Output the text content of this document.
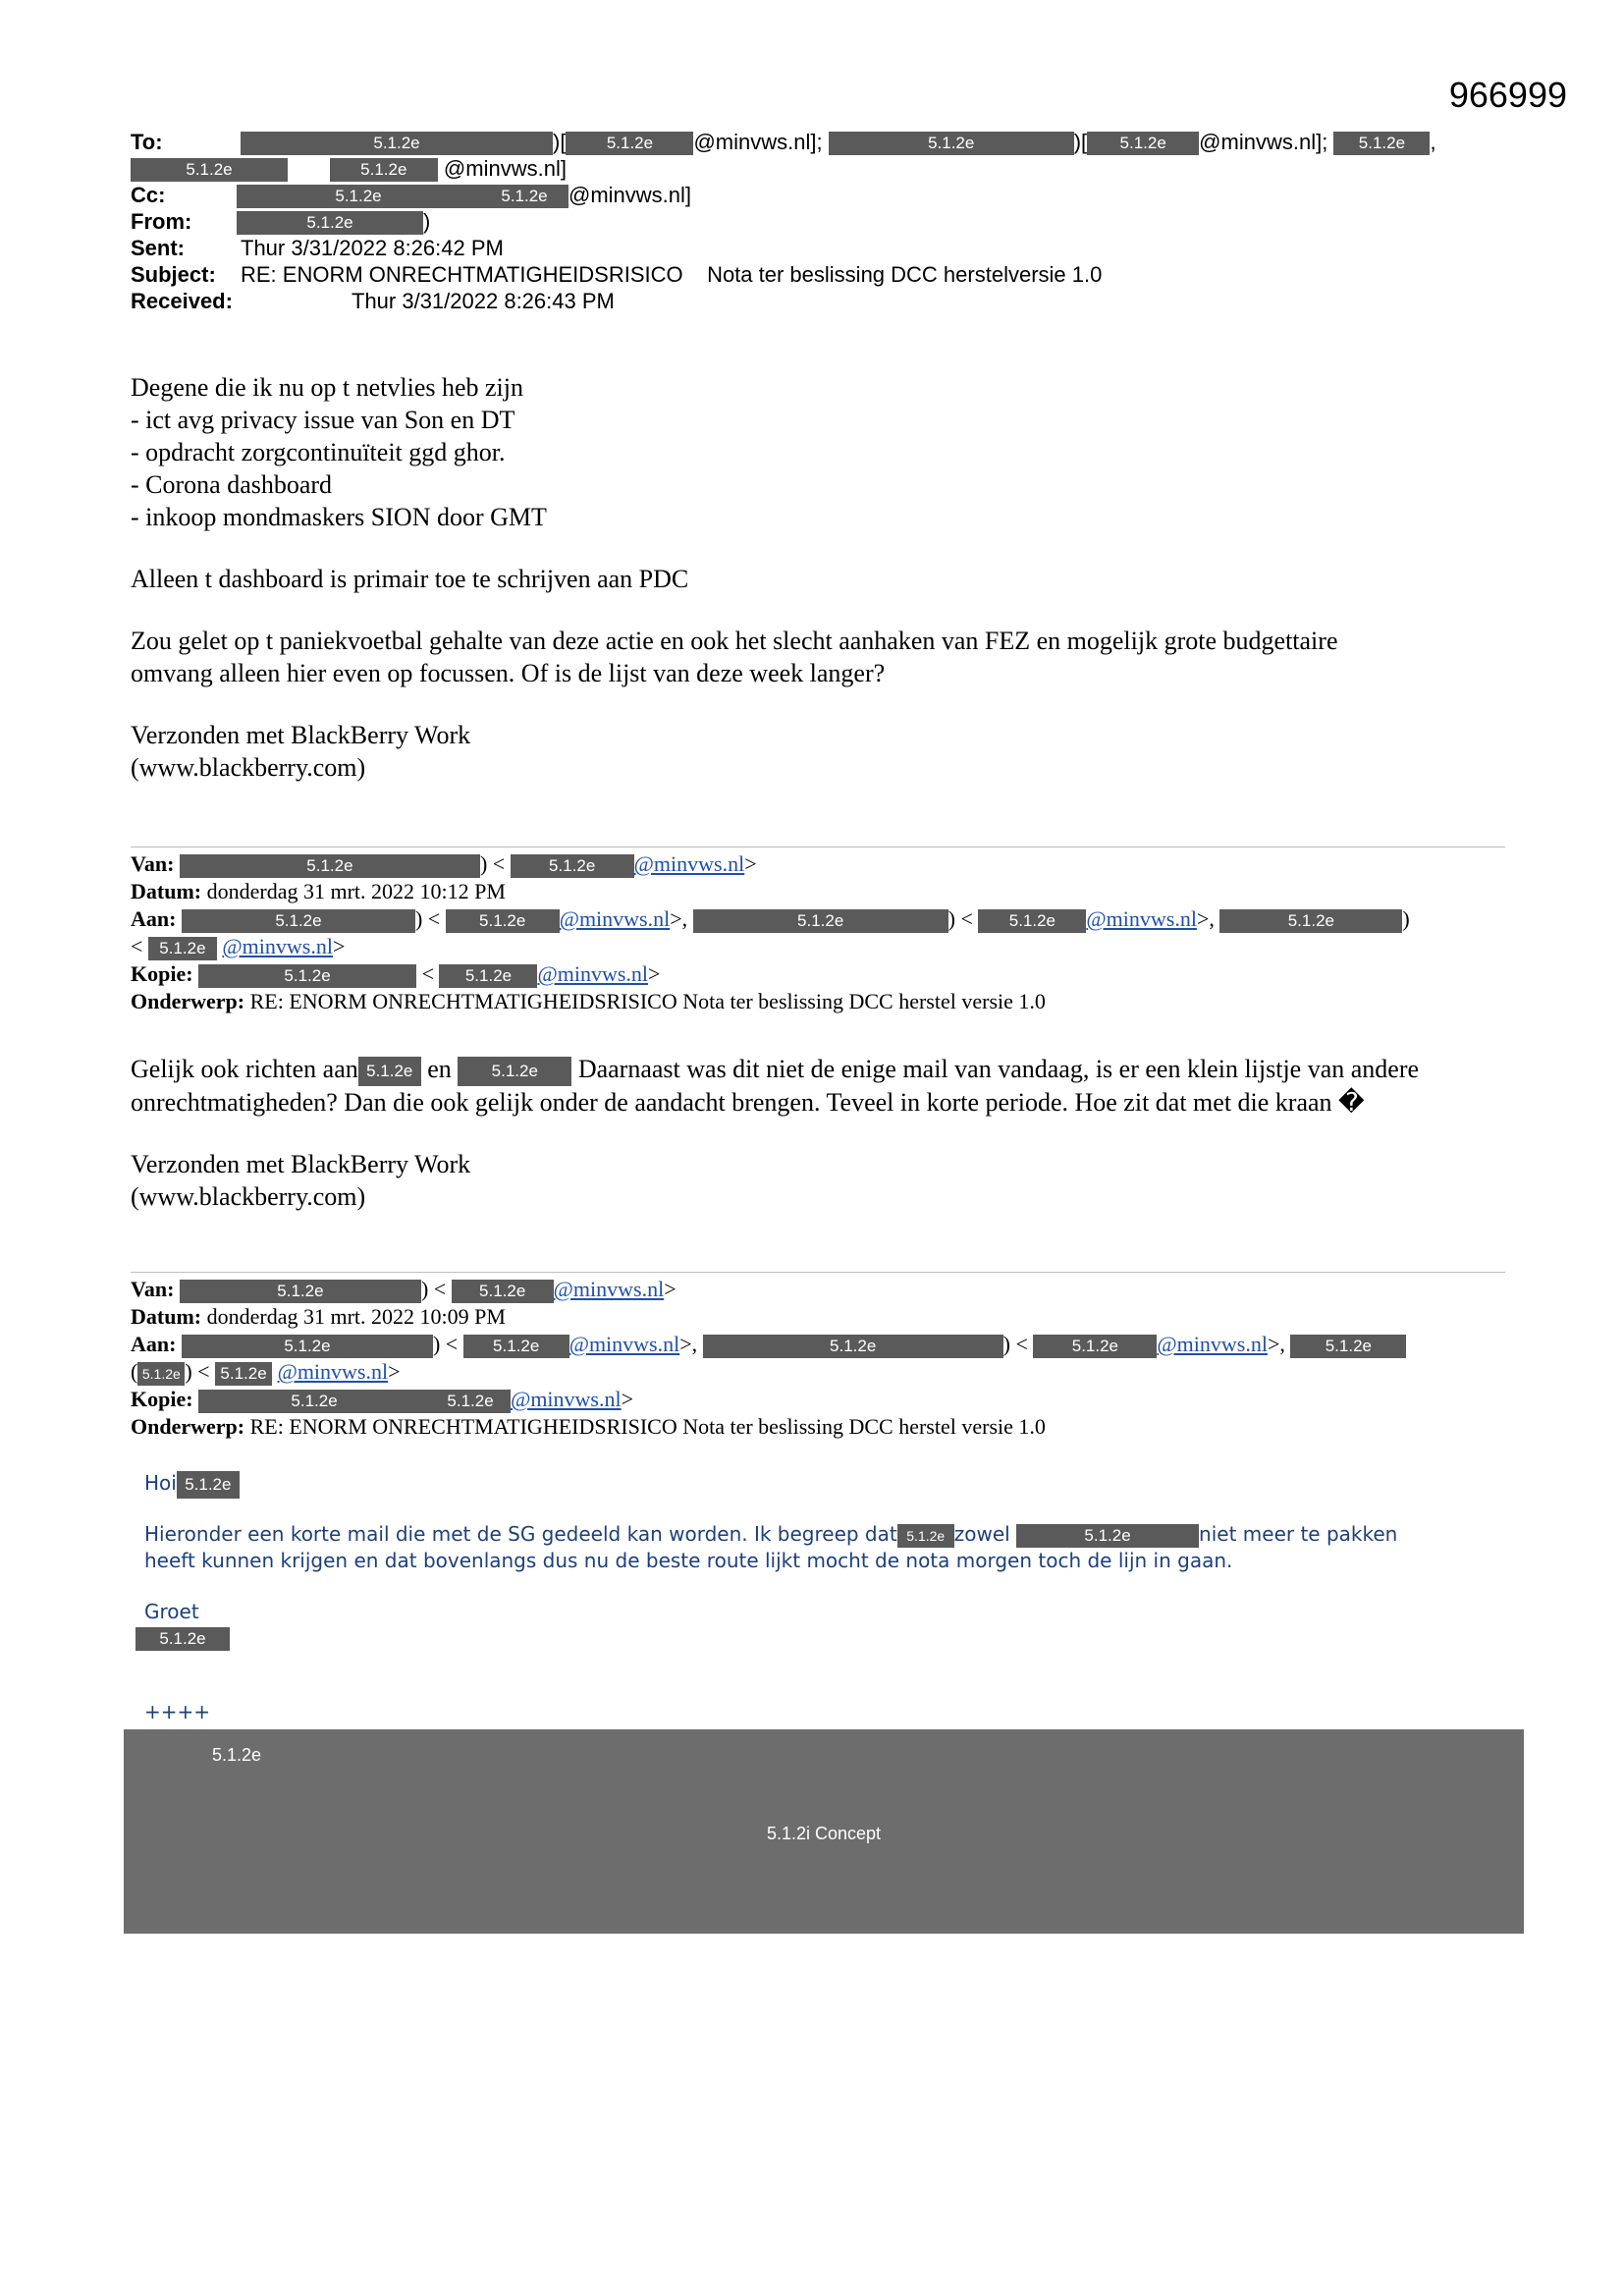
966999
To:	5.1.2e	)[ 5.1.2e @minvws.nl];	5.1.2e	)[ 5.1.2e @minvws.nl]; 5.1.2e ,
5.1.2e	5.1.2e @minvws.nl]
Cc:	5.1.2e	5.1.2e @minvws.nl]
From:	5.1.2e	)
Sent:	Thur 3/31/2022 8:26:42 PM
Subject: RE: ENORM ONRECHTMATIGHEIDSRISICO    Nota ter beslissing DCC herstelversie 1.0
Received:	Thur 3/31/2022 8:26:43 PM

Degene die ik nu op t netvlies heb zijn

- ict avg privacy issue van Son en DT

- opdracht zorgcontinuïteit ggd ghor.

- Corona dashboard

- inkoop mondmaskers SION door GMT

Alleen t dashboard is primair toe te schrijven aan PDC

Zou gelet op t paniekvoetbal gehalte van deze actie en ook het slecht aanhaken van FEZ en mogelijk grote budgettaire

omvang alleen hier even op focussen. Of is de lijst van deze week langer?

Verzonden met BlackBerry Work

(www.blackberry.com)

Van:	5.1.2e	) < 5.1.2e @minvws.nl>
Datum: donderdag 31 mrt. 2022 10:12 PM
Aan:	5.1.2e	) < 5.1.2e @minvws.nl>,	5.1.2e	) < 5.1.2e @minvws.nl>,	5.1.2e	)
< 5.1.2e @minvws.nl>
Kopie:	5.1.2e	< 5.1.2e @minvws.nl>
Onderwerp: RE: ENORM ONRECHTMATIGHEIDSRISICO Nota ter beslissing DCC herstel versie 1.0

Gelijk ook richten aan 5.1.2e en 5.1.2e Daarnaast was dit niet de enige mail van vandaag, is er een klein lijstje van andere

onrechtmatigheden? Dan die ook gelijk onder de aandacht brengen. Teveel in korte periode. Hoe zit dat met die kraan �

Verzonden met BlackBerry Work

(www.blackberry.com)

Van:	5.1.2e	) < 5.1.2e @minvws.nl>
Datum: donderdag 31 mrt. 2022 10:09 PM
Aan:	5.1.2e	) < 5.1.2e @minvws.nl>,	5.1.2e	) < 5.1.2e @minvws.nl>, 5.1.2e
( 5.1.2e ) < 5.1.2e @minvws.nl>
Kopie:	5.1.2e	5.1.2e @minvws.nl>
Onderwerp: RE: ENORM ONRECHTMATIGHEIDSRISICO Nota ter beslissing DCC herstel versie 1.0

Hoi 5.1.2e

Hieronder een korte mail die met de SG gedeeld kan worden. Ik begreep dat 5.1.2e zowel	5.1.2e	niet meer te pakken

heeft kunnen krijgen en dat bovenlangs dus nu de beste route lijkt mocht de nota morgen toch de lijn in gaan.

Groet

5.1.2e

++++

5.1.2e
5.1.2i Concept
